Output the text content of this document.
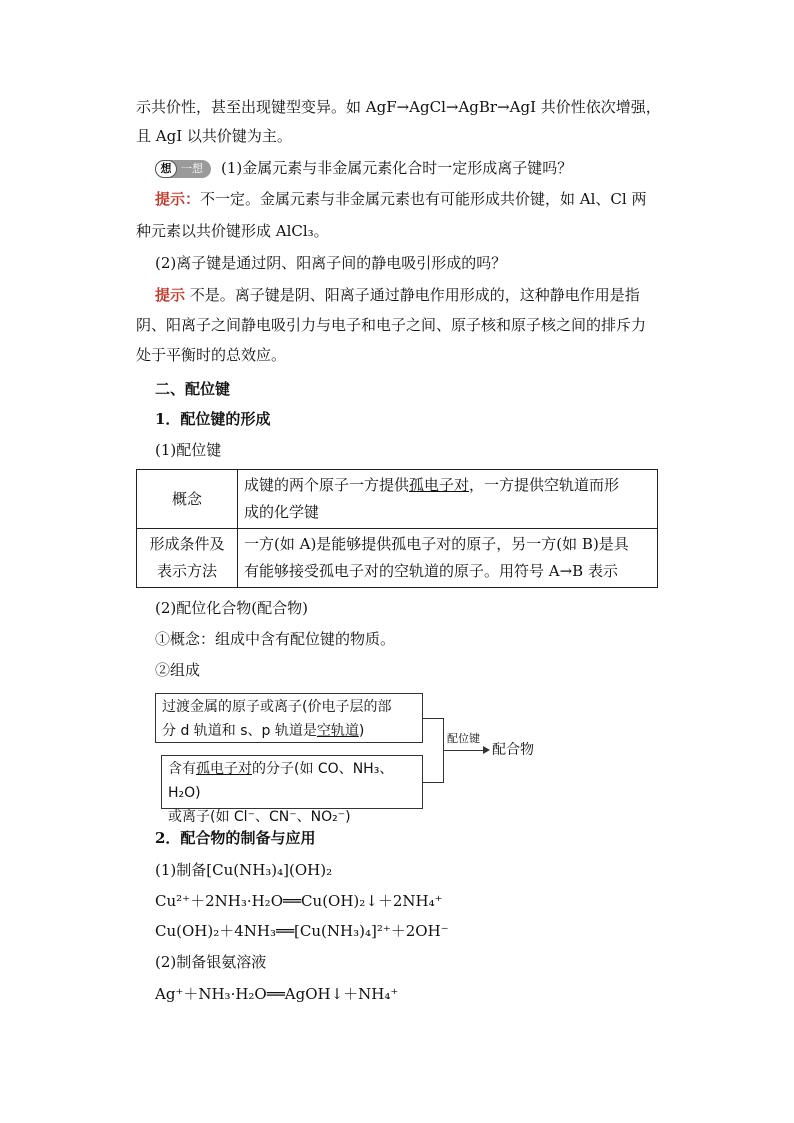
示共价性，甚至出现键型变异。如 AgF→AgCl→AgBr→AgI 共价性依次增强，
且 AgI 以共价键为主。
想 一想 (1)金属元素与非金属元素化合时一定形成离子键吗？
提示：不一定。金属元素与非金属元素也有可能形成共价键，如 Al、Cl 两
种元素以共价键形成 AlCl₃。
(2)离子键是通过阴、阳离子间的静电吸引形成的吗？
提示 不是。离子键是阴、阳离子通过静电作用形成的，这种静电作用是指
阴、阳离子之间静电吸引力与电子和电子之间、原子核和原子核之间的排斥力
处于平衡时的总效应。
二、配位键
1．配位键的形成
(1)配位键
概念	成键的两个原子一方提供孤电子对，一方提供空轨道而形
成的化学键
形成条件及
表示方法	一方(如 A)是能够提供孤电子对的原子，另一方(如 B)是具
有能够接受孤电子对的空轨道的原子。用符号 A→B 表示
(2)配位化合物(配合物)
①概念：组成中含有配位键的物质。
②组成
过渡金属的原子或离子(价电子层的部
分 d 轨道和 s、p 轨道是空轨道)
含有孤电子对的分子(如 CO、NH₃、H₂O)
或离子(如 Cl⁻、CN⁻、NO₂⁻)
配位键
配合物
2．配合物的制备与应用
(1)制备[Cu(NH₃)₄](OH)₂
Cu²⁺＋2NH₃·H₂O══Cu(OH)₂↓＋2NH₄⁺
Cu(OH)₂＋4NH₃══[Cu(NH₃)₄]²⁺＋2OH⁻
(2)制备银氨溶液
Ag⁺＋NH₃·H₂O══AgOH↓＋NH₄⁺
